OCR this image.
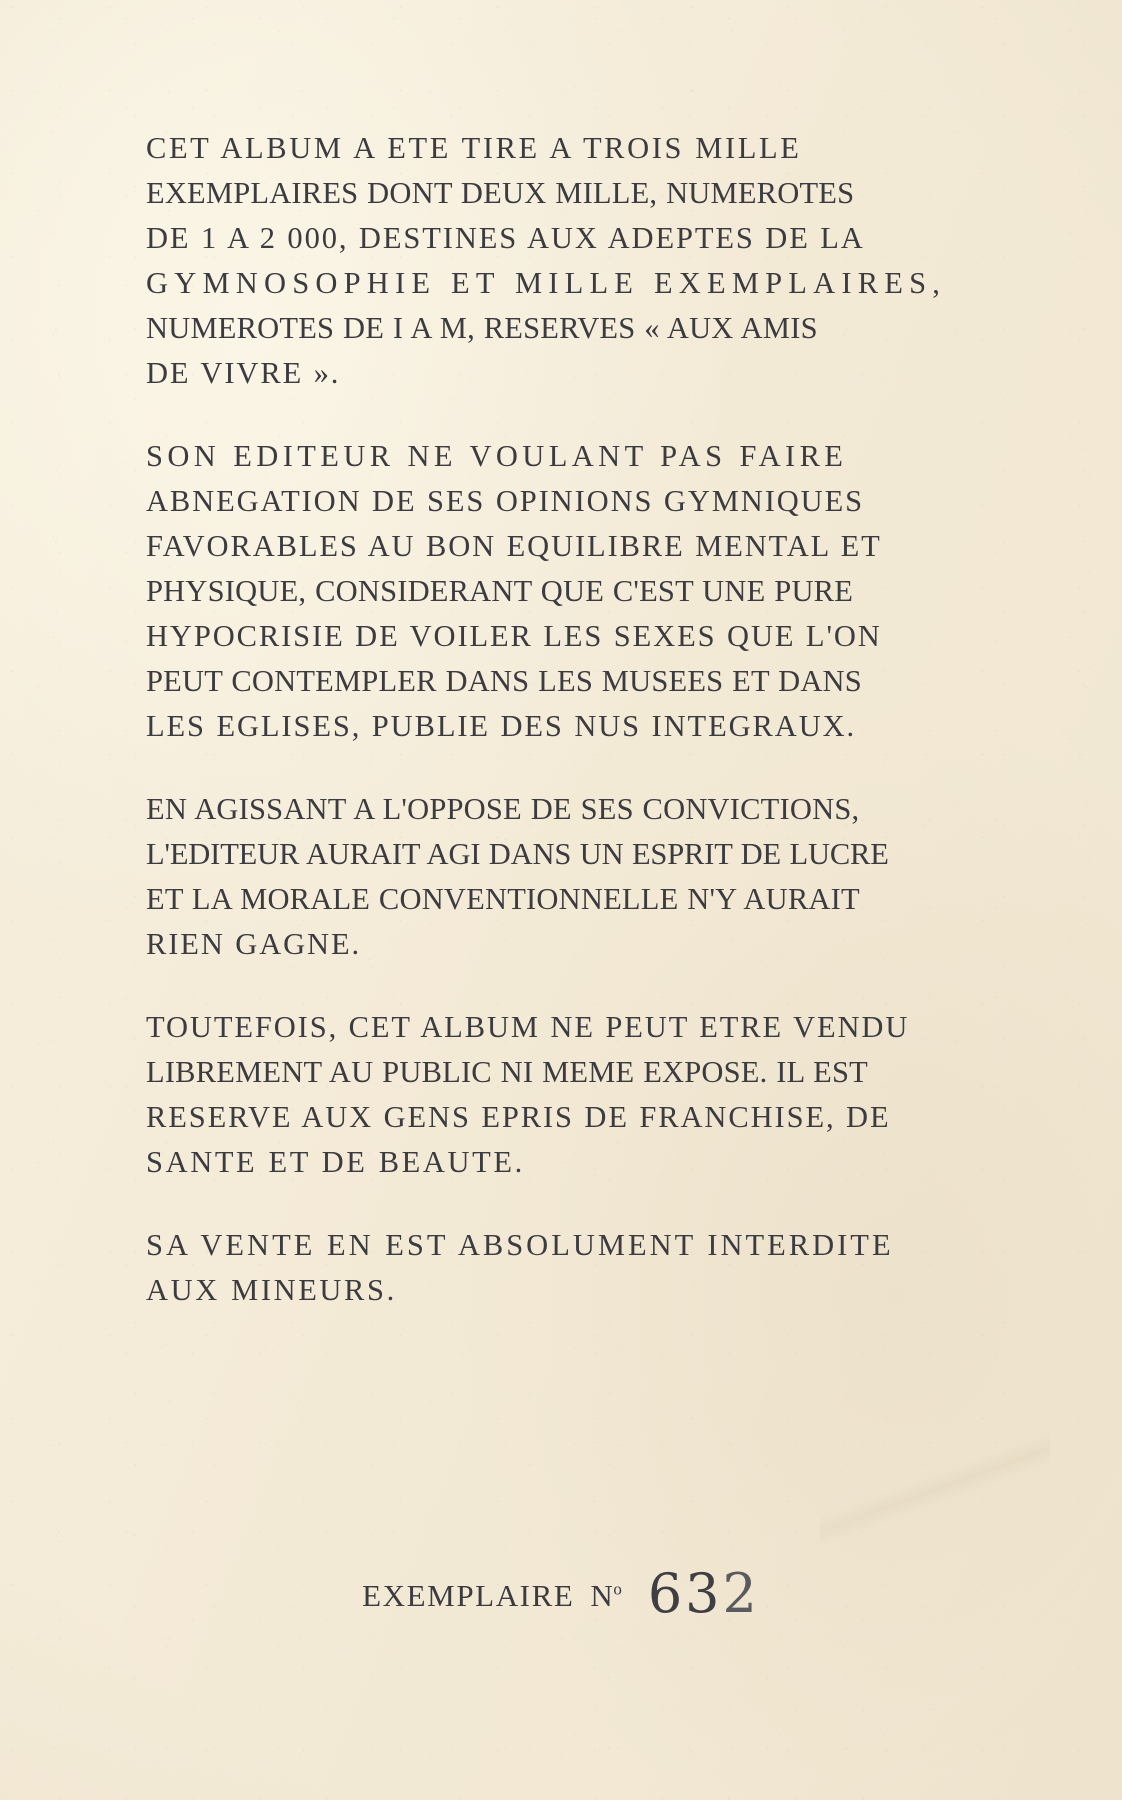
CET ALBUM A ETE TIRE A TROIS MILLE
EXEMPLAIRES DONT DEUX MILLE, NUMEROTES
DE 1 A 2 000, DESTINES AUX ADEPTES DE LA
GYMNOSOPHIE ET MILLE EXEMPLAIRES,
NUMEROTES DE I A M, RESERVES « AUX AMIS
DE VIVRE ».

SON EDITEUR NE VOULANT PAS FAIRE
ABNEGATION DE SES OPINIONS GYMNIQUES
FAVORABLES AU BON EQUILIBRE MENTAL ET
PHYSIQUE, CONSIDERANT QUE C'EST UNE PURE
HYPOCRISIE DE VOILER LES SEXES QUE L'ON
PEUT CONTEMPLER DANS LES MUSEES ET DANS
LES EGLISES, PUBLIE DES NUS INTEGRAUX.

EN AGISSANT A L'OPPOSE DE SES CONVICTIONS,
L'EDITEUR AURAIT AGI DANS UN ESPRIT DE LUCRE
ET LA MORALE CONVENTIONNELLE N'Y AURAIT
RIEN GAGNE.

TOUTEFOIS, CET ALBUM NE PEUT ETRE VENDU
LIBREMENT AU PUBLIC NI MEME EXPOSE. IL EST
RESERVE AUX GENS EPRIS DE FRANCHISE, DE
SANTE ET DE BEAUTE.

SA VENTE EN EST ABSOLUMENT INTERDITE
AUX MINEURS.

EXEMPLAIRE $N^o$ 632
